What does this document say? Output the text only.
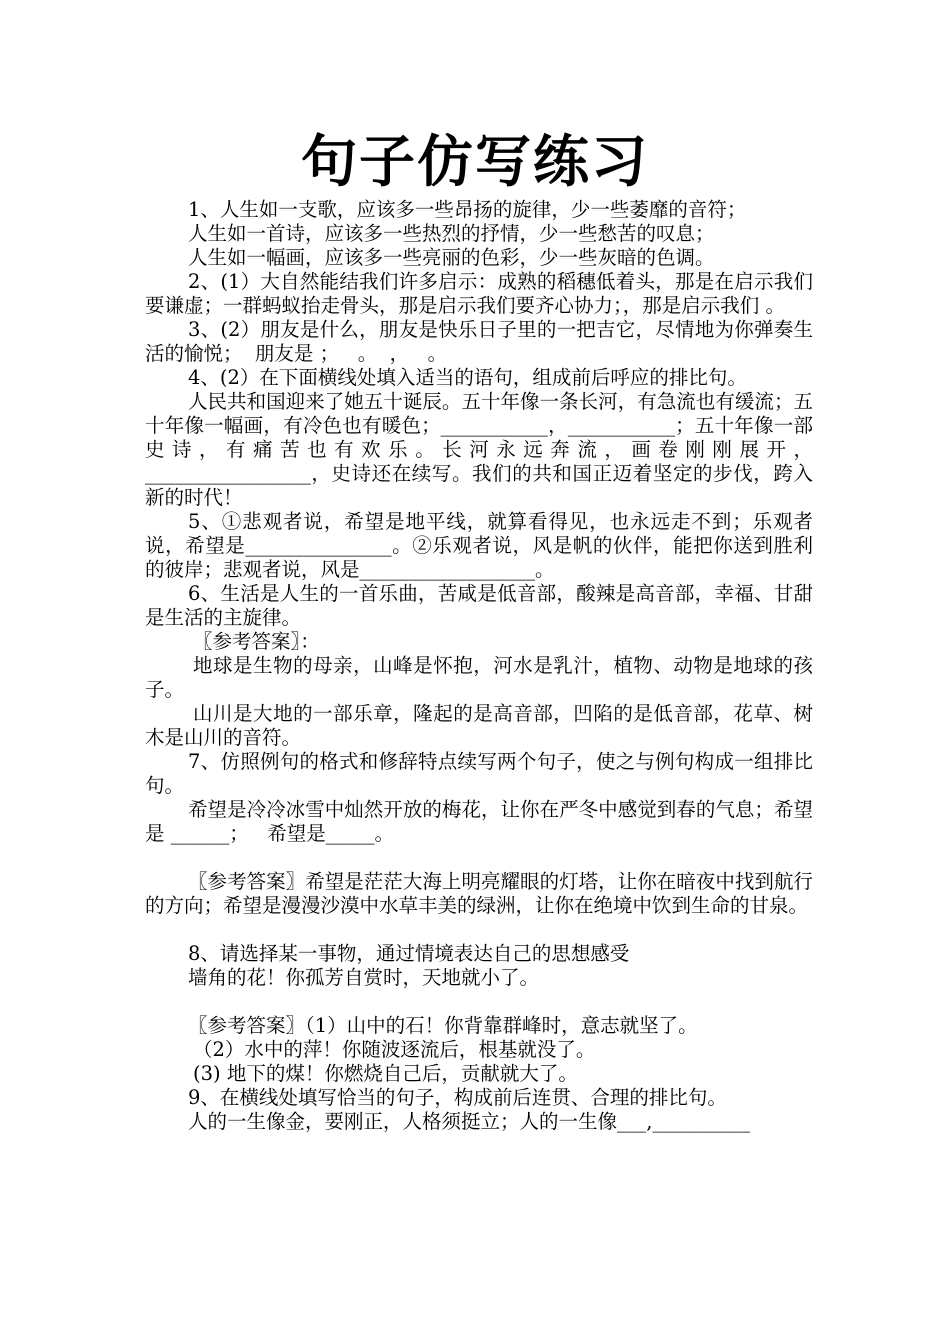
句子仿写练习

1、人生如一支歌，应该多一些昂扬的旋律，少一些萎靡的音符；

人生如一首诗，应该多一些热烈的抒情，少一些愁苦的叹息；

人生如一幅画，应该多一些亮丽的色彩，少一些灰暗的色调。

2、(1）大自然能结我们许多启示：成熟的稻穗低着头，那是在启示我们要谦虚；一群蚂蚁抬走骨头，那是启示我们要齐心协力；，那是启示我们 。

3、(2）朋友是什么，朋友是快乐日子里的一把吉它，尽情地为你弹奏生活的愉悦；  朋友是 ；   。  ，   。

4、(2）在下面横线处填入适当的语句，组成前后呼应的排比句。

人民共和国迎来了她五十诞辰。五十年像一条长河，有急流也有缓流；五十年像一幅画，有冷色也有暖色；___________，___________；五十年像一部史诗，有痛苦也有欢乐。长河永远奔流，画卷刚刚展开，_________________，史诗还在续写。我们的共和国正迈着坚定的步伐，跨入新的时代！

5、①悲观者说，希望是地平线，就算看得见，也永远走不到；乐观者说，希望是_______________。②乐观者说，风是帆的伙伴，能把你送到胜利的彼岸；悲观者说，风是__________________。

6、生活是人生的一首乐曲，苦咸是低音部，酸辣是高音部，幸福、甘甜是生活的主旋律。

〖参考答案〗：

地球是生物的母亲，山峰是怀抱，河水是乳汁，植物、动物是地球的孩子。

山川是大地的一部乐章，隆起的是高音部，凹陷的是低音部，花草、树木是山川的音符。

7、仿照例句的格式和修辞特点续写两个句子，使之与例句构成一组排比句。

希望是冷冷冰雪中灿然开放的梅花，让你在严冬中感觉到春的气息；希望是 ______；   希望是_____。

〖参考答案〗希望是茫茫大海上明亮耀眼的灯塔，让你在暗夜中找到航行的方向；希望是漫漫沙漠中水草丰美的绿洲，让你在绝境中饮到生命的甘泉。

8、请选择某一事物，通过情境表达自己的思想感受

墙角的花！你孤芳自赏时，天地就小了。

〖参考答案〗（1）山中的石！你背靠群峰时，意志就坚了。

（2）水中的萍！你随波逐流后，根基就没了。

(3) 地下的煤！你燃烧自己后，贡献就大了。

9、在横线处填写恰当的句子，构成前后连贯、合理的排比句。

人的一生像金，要刚正，人格须挺立；人的一生像___,__________
